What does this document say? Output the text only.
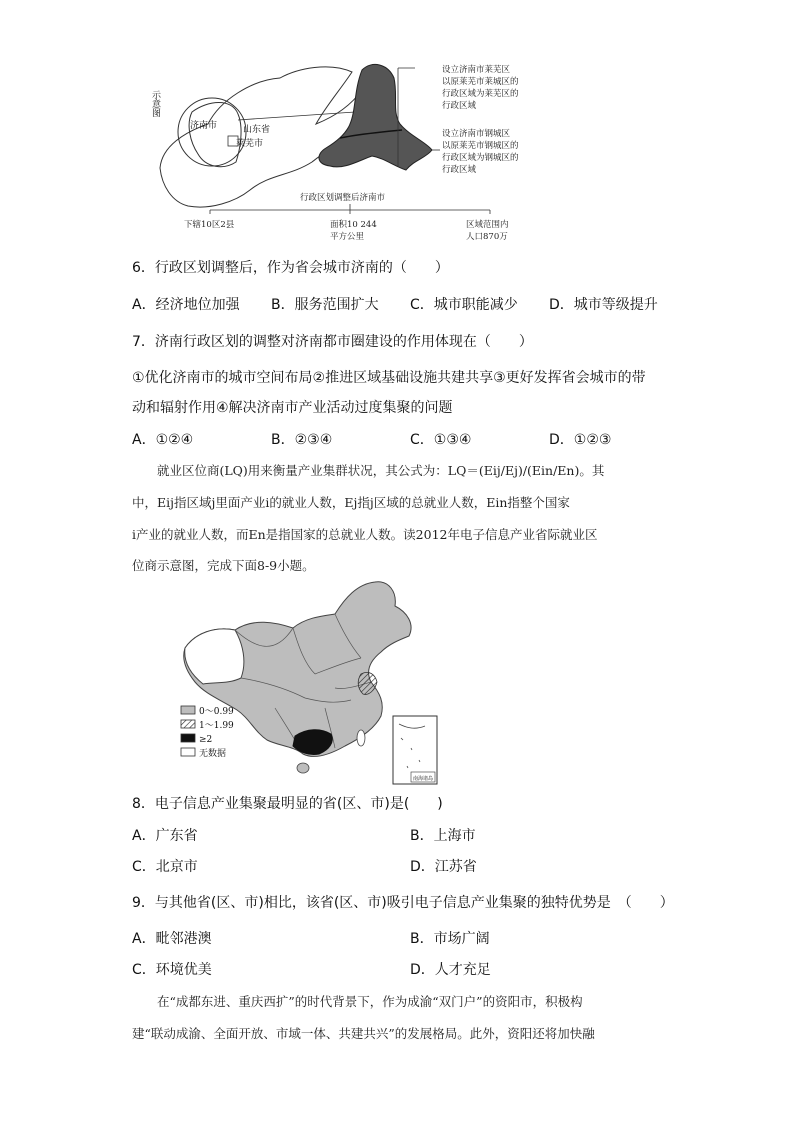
示意图
济南市	山东省
莱芜市
设立济南市莱芜区
以原莱芜市莱城区的
行政区域为莱芜区的
行政区域
设立济南市钢城区
以原莱芜市钢城区的
行政区域为钢城区的
行政区域
行政区划调整后济南市
下辖10区2县	面积10 244
平方公里
区域范围内
人口870万
6．行政区划调整后，作为省会城市济南的（　　）
A．经济地位加强 B．服务范围扩大 C．城市职能减少 D．城市等级提升
7．济南行政区划的调整对济南都市圈建设的作用体现在（　　）
①优化济南市的城市空间布局②推进区域基础设施共建共享③更好发挥省会城市的带
动和辐射作用④解决济南市产业活动过度集聚的问题
A．①②④	B．②③④	C．①③④	D．①②③
就业区位商(LQ)用来衡量产业集群状况，其公式为：LQ＝(Eij/Ej)/(Ein/En)。其
中，Eij指区域j里面产业i的就业人数，Ej指j区域的总就业人数，Ein指整个国家
i产业的就业人数，而En是指国家的总就业人数。读2012年电子信息产业省际就业区
位商示意图，完成下面8-9小题。
0～0.99
1～1.99
≥2
无数据
南海诸岛
8．电子信息产业集聚最明显的省(区、市)是(　　)
A．广东省	B．上海市
C．北京市	D．江苏省
9．与其他省(区、市)相比，该省(区、市)吸引电子信息产业集聚的独特优势是　（　　）
A．毗邻港澳	B．市场广阔
C．环境优美	D．人才充足
在“成都东进、重庆西扩”的时代背景下，作为成渝“双门户”的资阳市，积极构
建“联动成渝、全面开放、市域一体、共建共兴”的发展格局。此外，资阳还将加快融
